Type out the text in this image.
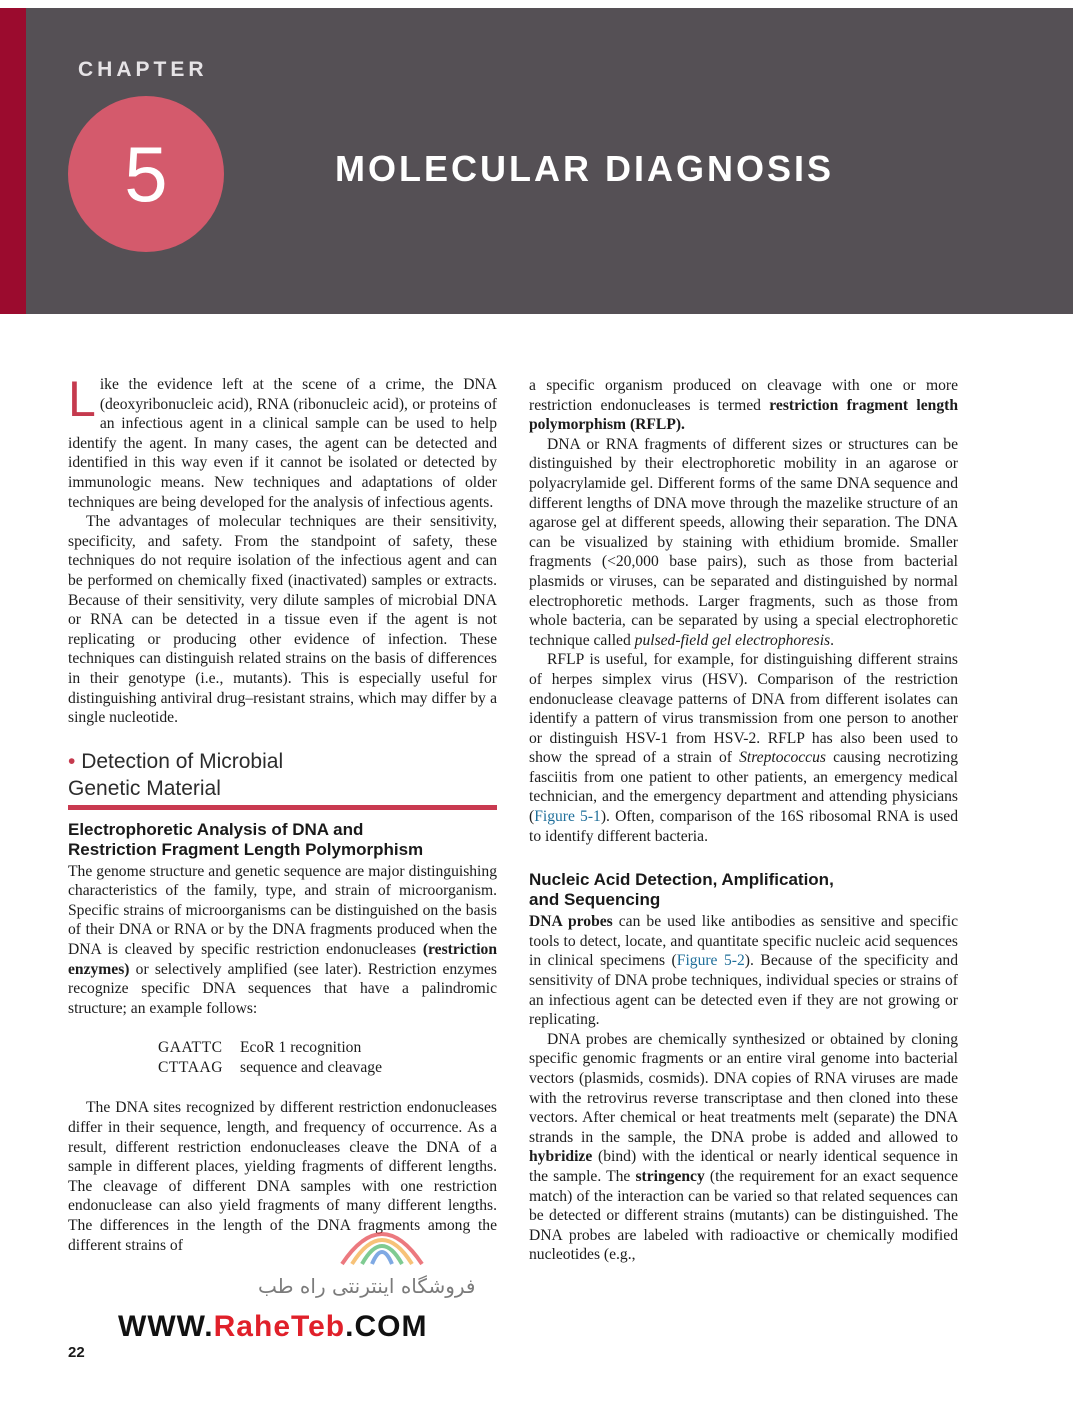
CHAPTER
5	MOLECULAR DIAGNOSIS

Like the evidence left at the scene of a crime, the DNA (deoxyribonucleic acid), RNA (ribonucleic acid), or proteins of an infectious agent in a clinical sample can be used to help identify the agent. In many cases, the agent can be detected and identified in this way even if it cannot be isolated or detected by immunologic means. New techniques and adaptations of older techniques are being developed for the analysis of infectious agents.

The advantages of molecular techniques are their sensitivity, specificity, and safety. From the standpoint of safety, these techniques do not require isolation of the infectious agent and can be performed on chemically fixed (inactivated) samples or extracts. Because of their sensitivity, very dilute samples of microbial DNA or RNA can be detected in a tissue even if the agent is not replicating or producing other evidence of infection. These techniques can distinguish related strains on the basis of differences in their genotype (i.e., mutants). This is especially useful for distinguishing antiviral drug–resistant strains, which may differ by a single nucleotide.

• Detection of Microbial
Genetic Material
Electrophoretic Analysis of DNA and
Restriction Fragment Length Polymorphism

The genome structure and genetic sequence are major distinguishing characteristics of the family, type, and strain of microorganism. Specific strains of microorganisms can be distinguished on the basis of their DNA or RNA or by the DNA fragments produced when the DNA is cleaved by specific restriction endonucleases (restriction enzymes) or selectively amplified (see later). Restriction enzymes recognize specific DNA sequences that have a palindromic structure; an example follows:

GAATTC EcoR 1 recognition
CTTAAG sequence and cleavage

The DNA sites recognized by different restriction endonucleases differ in their sequence, length, and frequency of occurrence. As a result, different restriction endonucleases cleave the DNA of a sample in different places, yielding fragments of different lengths. The cleavage of different DNA samples with one restriction endonuclease can also yield fragments of many different lengths. The differences in the length of the DNA fragments among the different strains of

a specific organism produced on cleavage with one or more restriction endonucleases is termed restriction fragment length polymorphism (RFLP).

DNA or RNA fragments of different sizes or structures can be distinguished by their electrophoretic mobility in an agarose or polyacrylamide gel. Different forms of the same DNA sequence and different lengths of DNA move through the mazelike structure of an agarose gel at different speeds, allowing their separation. The DNA can be visualized by staining with ethidium bromide. Smaller fragments (<20,000 base pairs), such as those from bacterial plasmids or viruses, can be separated and distinguished by normal electrophoretic methods. Larger fragments, such as those from whole bacteria, can be separated by using a special electrophoretic technique called pulsed-field gel electrophoresis.

RFLP is useful, for example, for distinguishing different strains of herpes simplex virus (HSV). Comparison of the restriction endonuclease cleavage patterns of DNA from different isolates can identify a pattern of virus transmission from one person to another or distinguish HSV-1 from HSV-2. RFLP has also been used to show the spread of a strain of Streptococcus causing necrotizing fasciitis from one patient to other patients, an emergency medical technician, and the emergency department and attending physicians (Figure 5-1). Often, comparison of the 16S ribosomal RNA is used to identify different bacteria.

Nucleic Acid Detection, Amplification,
and Sequencing

DNA probes can be used like antibodies as sensitive and specific tools to detect, locate, and quantitate specific nucleic acid sequences in clinical specimens (Figure 5-2). Because of the specificity and sensitivity of DNA probe techniques, individual species or strains of an infectious agent can be detected even if they are not growing or replicating.

DNA probes are chemically synthesized or obtained by cloning specific genomic fragments or an entire viral genome into bacterial vectors (plasmids, cosmids). DNA copies of RNA viruses are made with the retrovirus reverse transcriptase and then cloned into these vectors. After chemical or heat treatments melt (separate) the DNA strands in the sample, the DNA probe is added and allowed to hybridize (bind) with the identical or nearly identical sequence in the sample. The stringency (the requirement for an exact sequence match) of the interaction can be varied so that related sequences can be detected or different strains (mutants) can be distinguished. The DNA probes are labeled with radioactive or chemically modified nucleotides (e.g.,

فروشگاه اینترنتی راه طب
WWW.RaheTeb.COM
22
